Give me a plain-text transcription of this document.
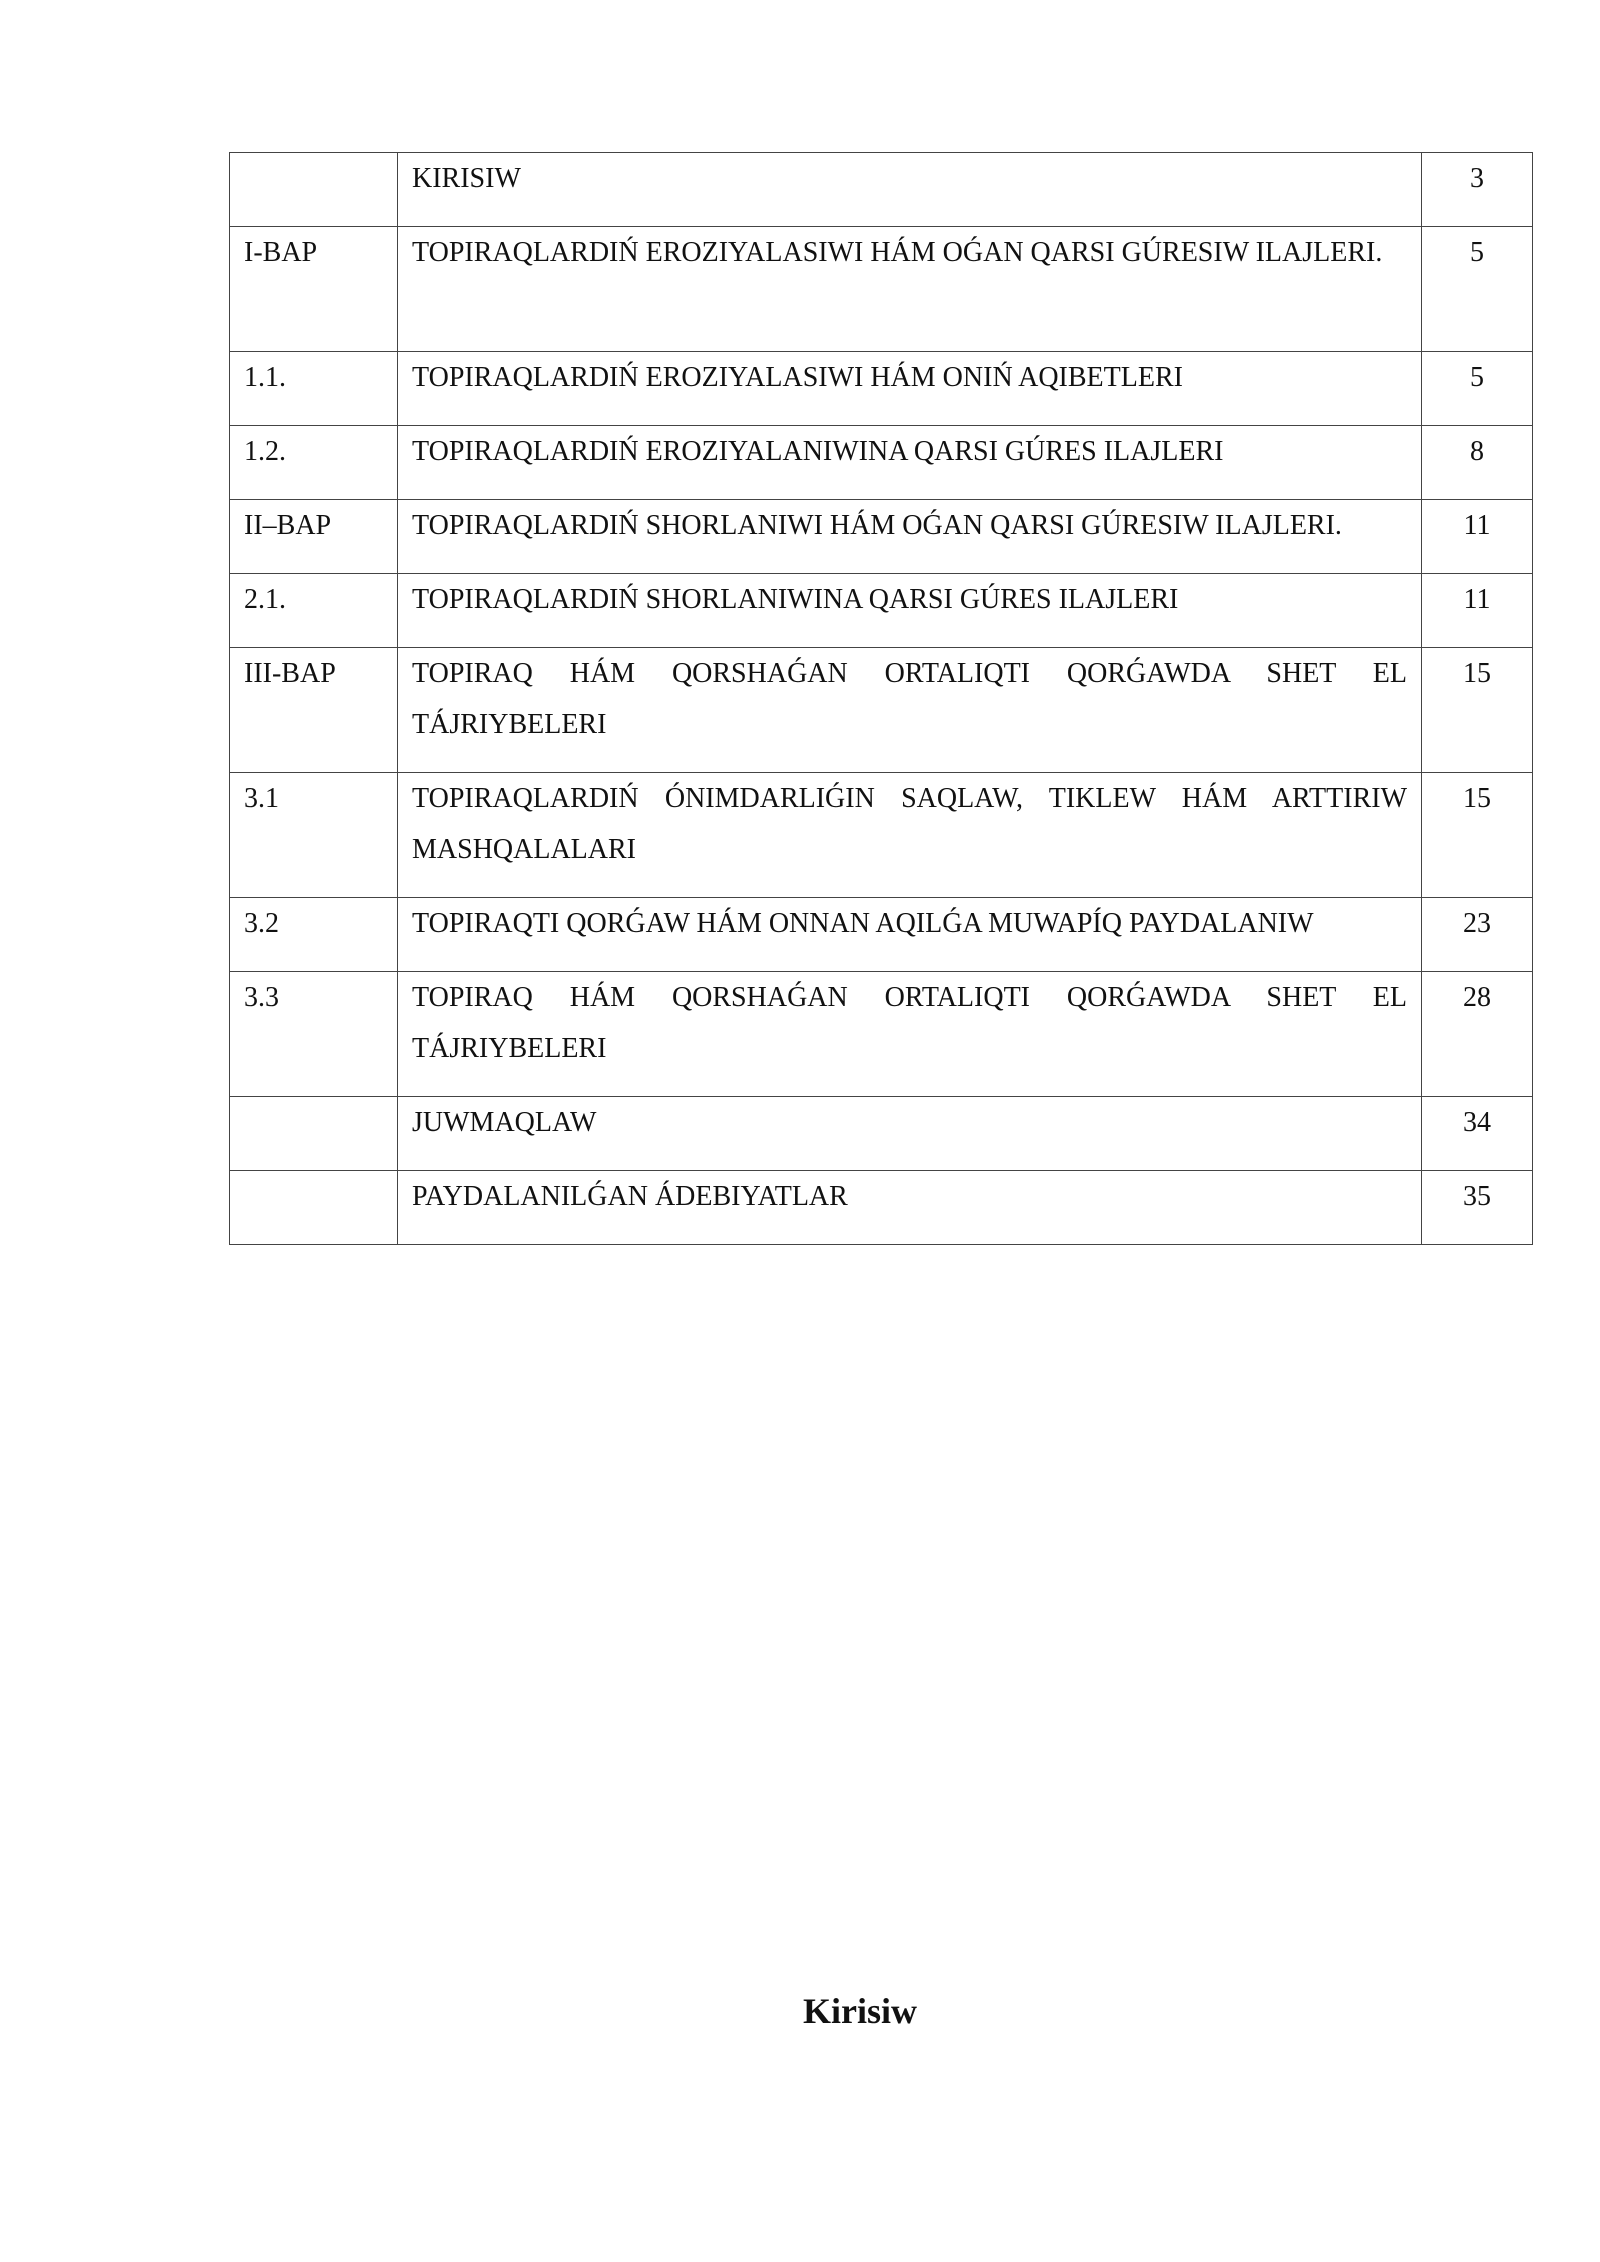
	KIRISIW	3
I-BAP	TOPIRAQLARDIŃ EROZIYALASIWI HÁM OǴAN QARSI GÚRESIW ILAJLERI.	5
1.1.	TOPIRAQLARDIŃ EROZIYALASIWI HÁM ONIŃ AQIBETLERI	5
1.2.	TOPIRAQLARDIŃ EROZIYALANIWINA QARSI GÚRES ILAJLERI	8
II–BAP	TOPIRAQLARDIŃ SHORLANIWI HÁM OǴAN QARSI GÚRESIW ILAJLERI.	11
2.1.	TOPIRAQLARDIŃ SHORLANIWINA QARSI GÚRES ILAJLERI	11
III-BAP	TOPIRAQ HÁM QORSHAǴAN ORTALIQTI QORǴAWDA SHET EL TÁJRIYBELERI	15
3.1	TOPIRAQLARDIŃ ÓNIMDARLIǴIN SAQLAW, TIKLEW HÁM ARTTIRIW MASHQALALARI	15
3.2	TOPIRAQTI QORǴAW HÁM ONNAN AQILǴA MUWAPÍQ PAYDALANIW	23
3.3	TOPIRAQ HÁM QORSHAǴAN ORTALIQTI QORǴAWDA SHET EL TÁJRIYBELERI	28
	JUWMAQLAW	34
	PAYDALANILǴAN ÁDEBIYATLAR	35
Kirisiw
